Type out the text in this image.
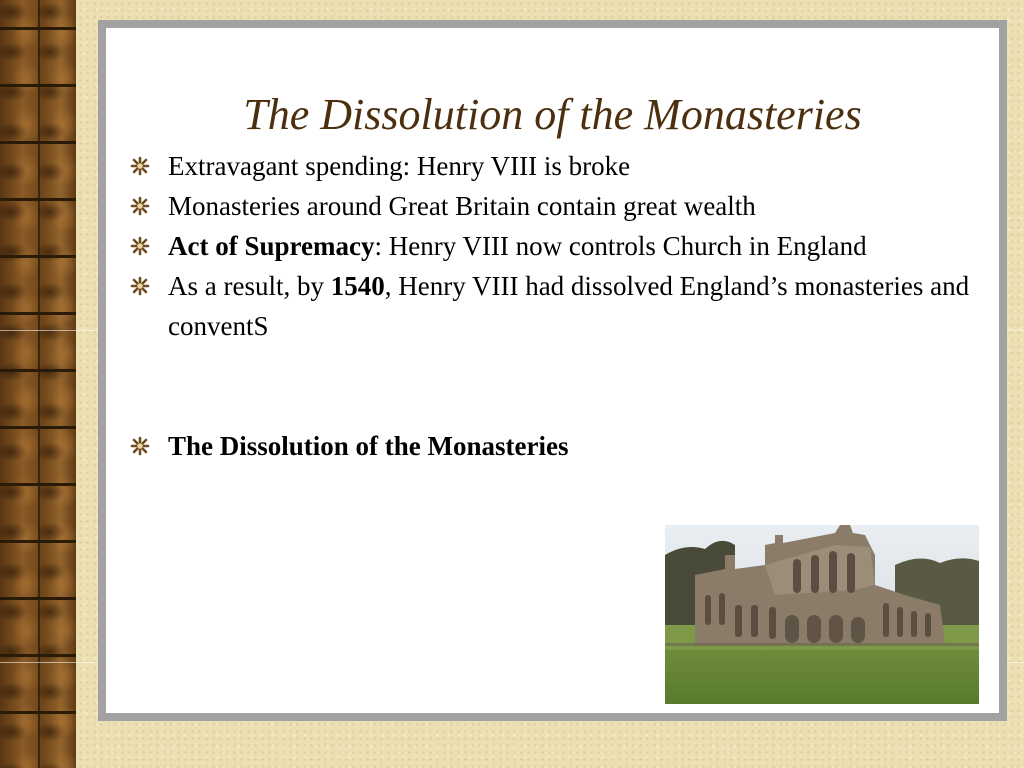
The Dissolution of the Monasteries
Extravagant spending: Henry VIII is broke
Monasteries around Great Britain contain great wealth
Act of Supremacy: Henry VIII now controls Church in England
As a result, by 1540, Henry VIII had dissolved England’s monasteries and conventS
The Dissolution of the Monasteries
